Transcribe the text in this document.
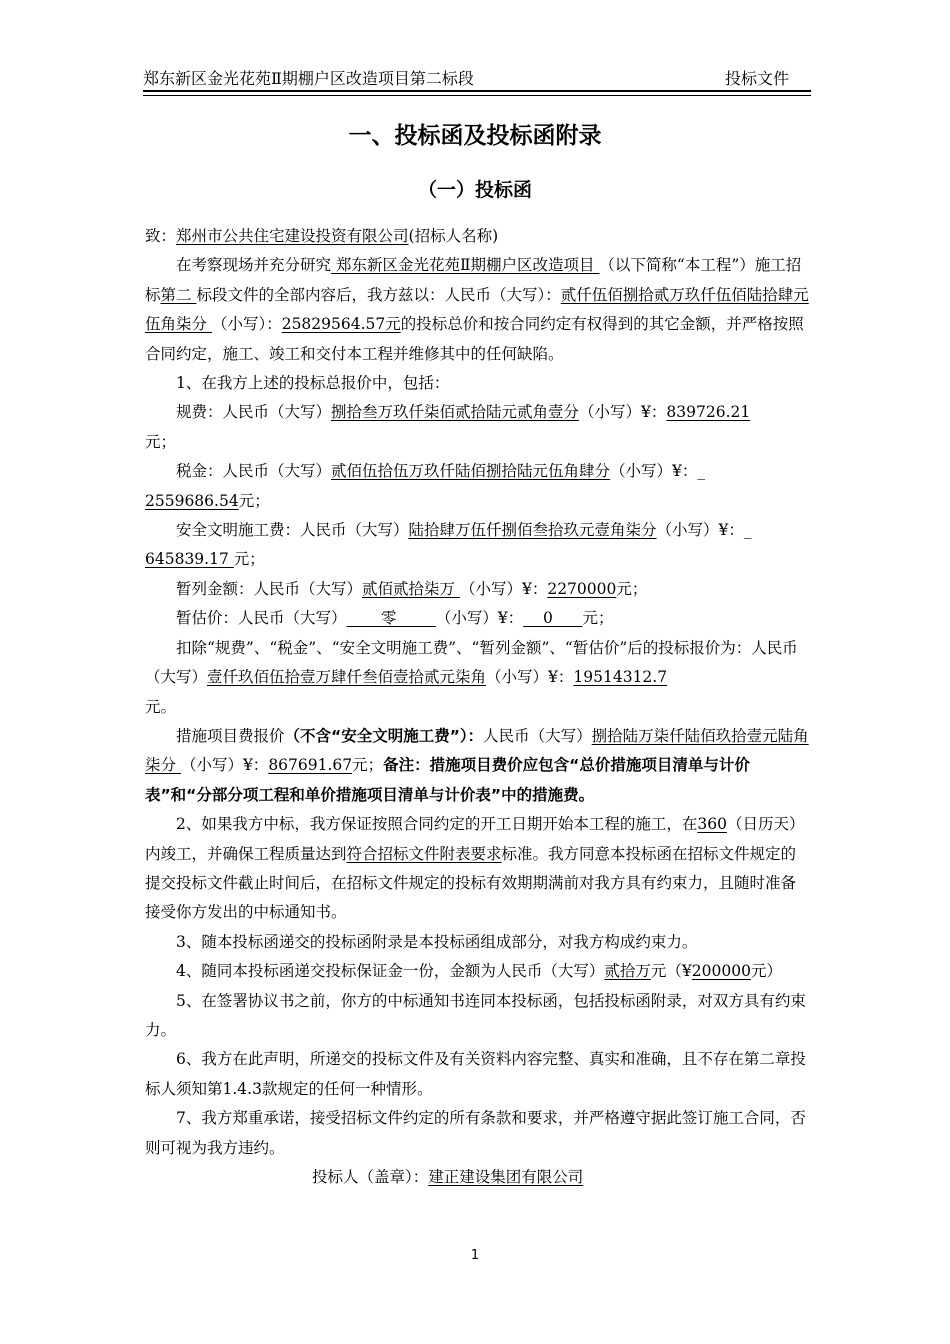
郑东新区金光花苑Ⅱ期棚户区改造项目第二标段	投标文件
一、投标函及投标函附录
（一）投标函

致：郑州市公共住宅建设投资有限公司(招标人名称)

在考察现场并充分研究 郑东新区金光花苑Ⅱ期棚户区改造项目 （以下简称“本工程”）施工招标第二 标段文件的全部内容后，我方兹以：人民币（大写）：贰仟伍佰捌拾贰万玖仟伍佰陆拾肆元伍角柒分 （小写）：25829564.57元的投标总价和按合同约定有权得到的其它金额，并严格按照合同约定，施工、竣工和交付本工程并维修其中的任何缺陷。

1、在我方上述的投标总报价中，包括：

规费：人民币（大写）捌拾叁万玖仟柒佰贰拾陆元贰角壹分（小写）¥：839726.21
元；

税金：人民币（大写）贰佰伍拾伍万玖仟陆佰捌拾陆元伍角肆分（小写）¥：_
2559686.54元；

安全文明施工费：人民币（大写）陆拾肆万伍仟捌佰叁拾玖元壹角柒分（小写）¥：_
645839.17 元；

暂列金额：人民币（大写）贰佰贰拾柒万 （小写）¥：2270000元；

暂估价：人民币（大写）       零        （小写）¥：    0      元；

扣除“规费”、“税金”、“安全文明施工费”、“暂列金额”、“暂估价”后的投标报价为：人民币（大写）壹仟玖佰伍拾壹万肆仟叁佰壹拾贰元柒角（小写）¥：19514312.7
元。

措施项目费报价（不含“安全文明施工费”）：人民币（大写）捌拾陆万柒仟陆佰玖拾壹元陆角柒分 （小写）¥：867691.67元；备注：措施项目费价应包含“总价措施项目清单与计价表”和“分部分项工程和单价措施项目清单与计价表”中的措施费。

2、如果我方中标，我方保证按照合同约定的开工日期开始本工程的施工，在360（日历天）内竣工，并确保工程质量达到符合招标文件附表要求标准。我方同意本投标函在招标文件规定的提交投标文件截止时间后，在招标文件规定的投标有效期期满前对我方具有约束力，且随时准备接受你方发出的中标通知书。

3、随本投标函递交的投标函附录是本投标函组成部分，对我方构成约束力。

4、随同本投标函递交投标保证金一份，金额为人民币（大写）贰拾万元（¥200000元）

5、在签署协议书之前，你方的中标通知书连同本投标函，包括投标函附录，对双方具有约束力。

6、我方在此声明，所递交的投标文件及有关资料内容完整、真实和准确，且不存在第二章投标人须知第1.4.3款规定的任何一种情形。

7、我方郑重承诺，接受招标文件约定的所有条款和要求，并严格遵守据此签订施工合同，否则可视为我方违约。

投标人（盖章）：建正建设集团有限公司

1
